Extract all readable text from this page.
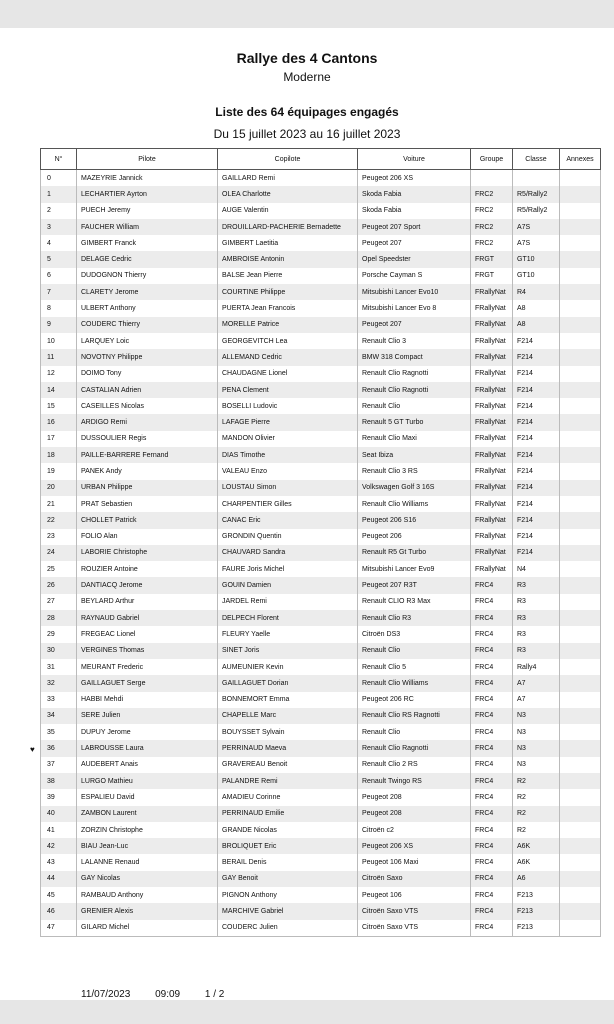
Rallye des 4 Cantons
Moderne
Liste des 64 équipages engagés
Du 15 juillet 2023 au 16 juillet 2023
N°	Pilote	Copilote	Voiture	Groupe	Classe	Annexes
0	MAZEYRIE Jannick	GAILLARD Remi	Peugeot 206 XS			
1	LECHARTIER Ayrton	OLEA Charlotte	Skoda Fabia	FRC2	R5/Rally2	
2	PUECH Jeremy	AUGE Valentin	Skoda Fabia	FRC2	R5/Rally2	
3	FAUCHER William	DROUILLARD-PACHERIE Bernadette	Peugeot 207 Sport	FRC2	A7S	
4	GIMBERT Franck	GIMBERT Laetitia	Peugeot 207	FRC2	A7S	
5	DELAGE Cedric	AMBROISE Antonin	Opel Speedster	FRGT	GT10	
6	DUDOGNON Thierry	BALSE Jean Pierre	Porsche Cayman S	FRGT	GT10	
7	CLARETY Jerome	COURTINE Philippe	Mitsubishi Lancer Evo10	FRallyNat	R4	
8	ULBERT Anthony	PUERTA Jean Francois	Mitsubishi Lancer Evo 8	FRallyNat	A8	
9	COUDERC Thierry	MORELLE Patrice	Peugeot 207	FRallyNat	A8	
10	LARQUEY Loic	GEORGEVITCH Lea	Renault Clio 3	FRallyNat	F214	
11	NOVOTNY Philippe	ALLEMAND Cedric	BMW 318 Compact	FRallyNat	F214	
12	DOIMO Tony	CHAUDAGNE Lionel	Renault Clio Ragnotti	FRallyNat	F214	
14	CASTALIAN Adrien	PENA Clement	Renault Clio Ragnotti	FRallyNat	F214	
15	CASEILLES Nicolas	BOSELLI Ludovic	Renault Clio	FRallyNat	F214	
16	ARDIGO Remi	LAFAGE Pierre	Renault 5 GT Turbo	FRallyNat	F214	
17	DUSSOULIER Regis	MANDON Olivier	Renault Clio Maxi	FRallyNat	F214	
18	PAILLE-BARRERE Fernand	DIAS Timothe	Seat Ibiza	FRallyNat	F214	
19	PANEK Andy	VALEAU Enzo	Renault Clio 3 RS	FRallyNat	F214	
20	URBAN Philippe	LOUSTAU Simon	Volkswagen Golf 3 16S	FRallyNat	F214	
21	PRAT Sebastien	CHARPENTIER Gilles	Renault Clio Williams	FRallyNat	F214	
22	CHOLLET Patrick	CANAC Eric	Peugeot 206 S16	FRallyNat	F214	
23	FOLIO Alan	GRONDIN Quentin	Peugeot 206	FRallyNat	F214	
24	LABORIE Christophe	CHAUVARD Sandra	Renault R5 Gt Turbo	FRallyNat	F214	
25	ROUZIER Antoine	FAURE Joris Michel	Mitsubishi Lancer Evo9	FRallyNat	N4	
26	DANTIACQ Jerome	GOUIN Damien	Peugeot 207 R3T	FRC4	R3	
27	BEYLARD Arthur	JARDEL Remi	Renault CLIO R3 Max	FRC4	R3	
28	RAYNAUD Gabriel	DELPECH Florent	Renault Clio R3	FRC4	R3	
29	FREGEAC Lionel	FLEURY Yaelle	Citroën DS3	FRC4	R3	
30	VERGINES Thomas	SINET Joris	Renault Clio	FRC4	R3	
31	MEURANT Frederic	AUMEUNIER Kevin	Renault Clio 5	FRC4	Rally4	
32	GAILLAGUET Serge	GAILLAGUET Dorian	Renault Clio Williams	FRC4	A7	
33	HABBI Mehdi	BONNEMORT Emma	Peugeot 206 RC	FRC4	A7	
34	SERE Julien	CHAPELLE Marc	Renault Clio RS Ragnotti	FRC4	N3	
35	DUPUY Jerome	BOUYSSET Sylvain	Renault Clio	FRC4	N3	

♥ 36	LABROUSSE Laura	PERRINAUD Maeva	Renault Clio Ragnotti	FRC4	N3	
37	AUDEBERT Anais	GRAVEREAU Benoit	Renault Clio 2 RS	FRC4	N3	
38	LURGO Mathieu	PALANDRE Remi	Renault Twingo RS	FRC4	R2	
39	ESPALIEU David	AMADIEU Corinne	Peugeot 208	FRC4	R2	
40	ZAMBON Laurent	PERRINAUD Emilie	Peugeot 208	FRC4	R2	
41	ZORZIN Christophe	GRANDE Nicolas	Citroën c2	FRC4	R2	
42	BIAU Jean-Luc	BROLIQUET Eric	Peugeot 206 XS	FRC4	A6K	
43	LALANNE Renaud	BERAIL Denis	Peugeot 106 Maxi	FRC4	A6K	
44	GAY Nicolas	GAY Benoit	Citroën Saxo	FRC4	A6	
45	RAMBAUD Anthony	PIGNON Anthony	Peugeot 106	FRC4	F213	
46	GRENIER Alexis	MARCHIVE Gabriel	Citroën Saxo VTS	FRC4	F213	
47	GILARD Michel	COUDERC Julien	Citroën Saxo VTS	FRC4	F213	
11/07/2023 09:09 1 / 2
